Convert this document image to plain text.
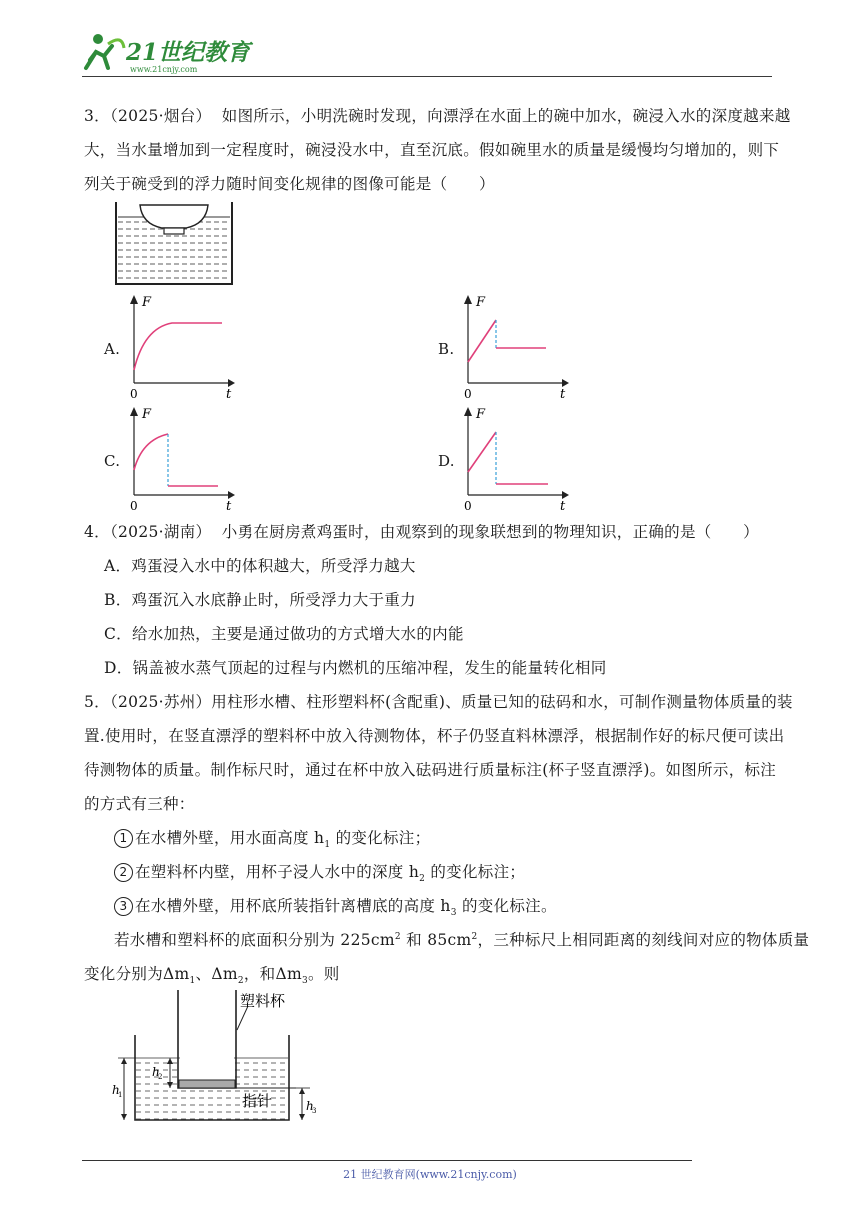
21世纪教育
www.21cnjy.com
3．（2025·烟台） 如图所示，小明洗碗时发现，向漂浮在水面上的碗中加水，碗浸入水的深度越来越
大，当水量增加到一定程度时，碗浸没水中，直至沉底。假如碗里水的质量是缓慢均匀增加的，则下
列关于碗受到的浮力随时间变化规律的图像可能是（　　）
A.
F
t
0
B.
F
t
0
C.
F
t
0
D.
F
t
0
4．（2025·湖南） 小勇在厨房煮鸡蛋时，由观察到的现象联想到的物理知识，正确的是（　　）
A．鸡蛋浸入水中的体积越大，所受浮力越大
B．鸡蛋沉入水底静止时，所受浮力大于重力
C．给水加热，主要是通过做功的方式增大水的内能
D．锅盖被水蒸气顶起的过程与内燃机的压缩冲程，发生的能量转化相同
5．（2025·苏州）用柱形水槽、柱形塑料杯(含配重)、质量已知的砝码和水，可制作测量物体质量的装
置.使用时，在竖直漂浮的塑料杯中放入待测物体，杯子仍竖直料林漂浮，根据制作好的标尺便可读出
待测物体的质量。制作标尺时，通过在杯中放入砝码进行质量标注(杯子竖直漂浮)。如图所示，标注
的方式有三种：
1 在水槽外壁，用水面高度 $h_1$ 的变化标注；
2 在塑料杯内壁，用杯子浸人水中的深度 $h_2$ 的变化标注；
3 在水槽外壁，用杯底所装指针离槽底的高度 $h_3$ 的变化标注。
若水槽和塑料杯的底面积分别为 $225cm^2$ 和 $85cm^2$，三种标尺上相同距离的刻线间对应的物体质量
变化分别为$\Delta m_1$、$\Delta m_2$，和$\Delta m_3$。则
塑料杯
指针
h
1
h
2
h
3
21 世纪教育网(www.21cnjy.com)
